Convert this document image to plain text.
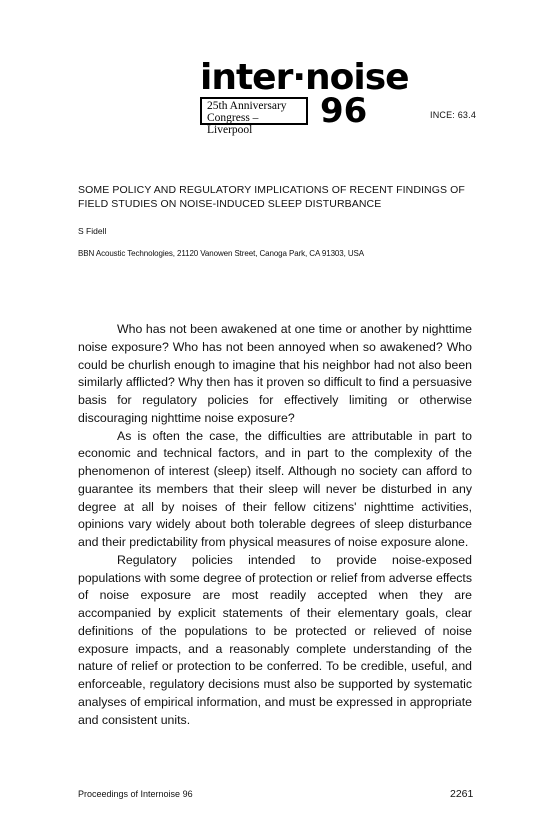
inter·noise
25th Anniversary
Congress – Liverpool	96	INCE: 63.4
SOME POLICY AND REGULATORY IMPLICATIONS OF RECENT FINDINGS OF FIELD STUDIES ON NOISE-INDUCED SLEEP DISTURBANCE
S Fidell
BBN Acoustic Technologies, 21120 Vanowen Street, Canoga Park, CA 91303, USA

Who has not been awakened at one time or another by nighttime noise exposure? Who has not been annoyed when so awakened? Who could be churlish enough to imagine that his neighbor had not also been similarly afflicted? Why then has it proven so difficult to find a persuasive basis for regulatory policies for effectively limiting or otherwise discouraging nighttime noise exposure?

As is often the case, the difficulties are attributable in part to economic and technical factors, and in part to the complexity of the phenomenon of interest (sleep) itself. Although no society can afford to guarantee its members that their sleep will never be disturbed in any degree at all by noises of their fellow citizens' nighttime activities, opinions vary widely about both tolerable degrees of sleep disturbance and their predictability from physical measures of noise exposure alone.

Regulatory policies intended to provide noise-exposed populations with some degree of protection or relief from adverse effects of noise exposure are most readily accepted when they are accompanied by explicit statements of their elementary goals, clear definitions of the populations to be protected or relieved of noise exposure impacts, and a reasonably complete understanding of the nature of relief or protection to be conferred. To be credible, useful, and enforceable, regulatory decisions must also be supported by systematic analyses of empirical information, and must be expressed in appropriate and consistent units.

Proceedings of Internoise 96	2261
